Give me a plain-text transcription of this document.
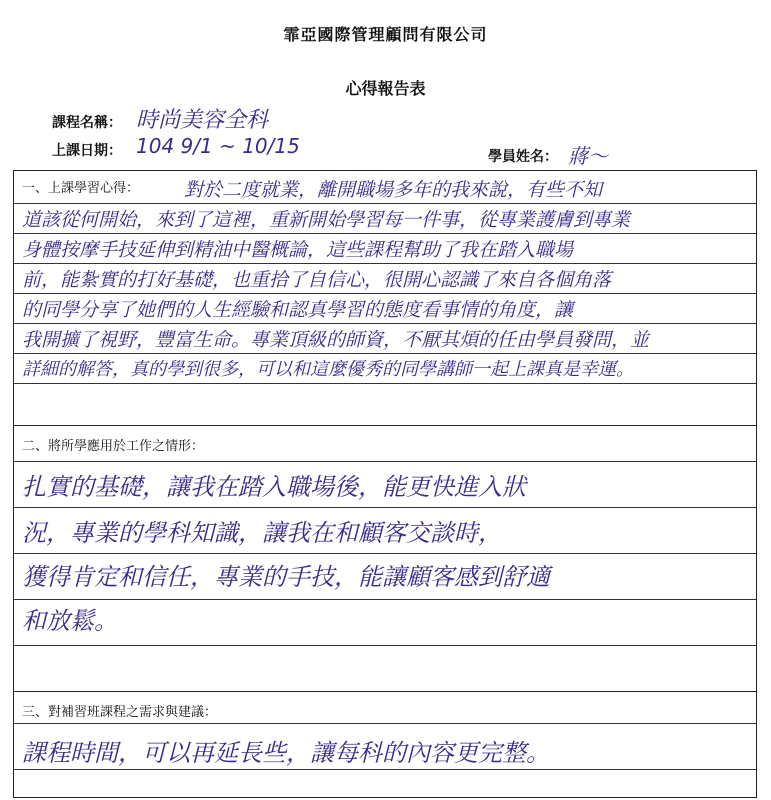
霏亞國際管理顧問有限公司
心得報告表
課程名稱： 時尚美容全科
上課日期： 104 9/1 ~ 10/15	學員姓名： 蔣～
一、上課學習心得： 對於二度就業，離開職場多年的我來說，有些不知
道該從何開始，來到了這裡，重新開始學習每一件事，從專業護膚到專業
身體按摩手技延伸到精油中醫概論，這些課程幫助了我在踏入職場
前，能紮實的打好基礎，也重拾了自信心，很開心認識了來自各個角落
的同學分享了她們的人生經驗和認真學習的態度看事情的角度，讓
我開擴了視野，豐富生命。專業頂級的師資，不厭其煩的任由學員發問，並
詳細的解答，真的學到很多，可以和這麼優秀的同學講師一起上課真是幸運。
二、將所學應用於工作之情形：
扎實的基礎，讓我在踏入職場後，能更快進入狀
況，專業的學科知識，讓我在和顧客交談時，
獲得肯定和信任，專業的手技，能讓顧客感到舒適
和放鬆。
三、對補習班課程之需求與建議：
課程時間，可以再延長些，讓每科的內容更完整。
